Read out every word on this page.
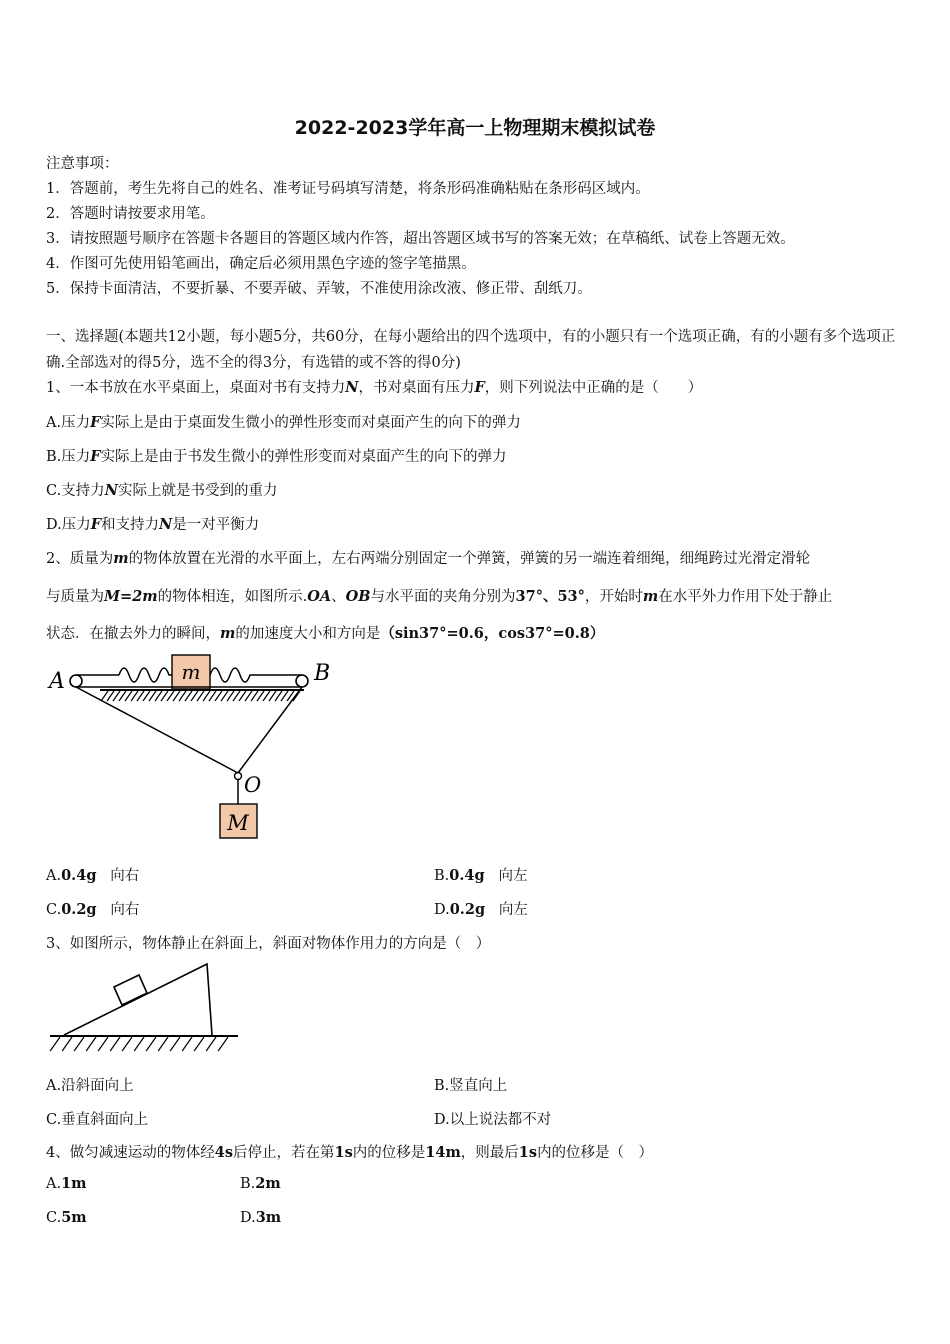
2022-2023学年高一上物理期末模拟试卷
注意事项：
1．答题前，考生先将自己的姓名、准考证号码填写清楚，将条形码准确粘贴在条形码区域内。
2．答题时请按要求用笔。
3．请按照题号顺序在答题卡各题目的答题区域内作答，超出答题区域书写的答案无效；在草稿纸、试卷上答题无效。
4．作图可先使用铅笔画出，确定后必须用黑色字迹的签字笔描黑。
5．保持卡面清洁，不要折暴、不要弄破、弄皱，不准使用涂改液、修正带、刮纸刀。
一、选择题(本题共12小题，每小题5分，共60分，在每小题给出的四个选项中，有的小题只有一个选项正确，有的小题有多个选项正确.全部选对的得5分，选不全的得3分，有选错的或不答的得0分)
1、一本书放在水平桌面上，桌面对书有支持力N，书对桌面有压力F，则下列说法中正确的是（　　）
A.压力F实际上是由于桌面发生微小的弹性形变而对桌面产生的向下的弹力
B.压力F实际上是由于书发生微小的弹性形变而对桌面产生的向下的弹力
C.支持力N实际上就是书受到的重力
D.压力F和支持力N是一对平衡力
2、质量为m的物体放置在光滑的水平面上，左右两端分别固定一个弹簧，弹簧的另一端连着细绳，细绳跨过光滑定滑轮
与质量为M=2m的物体相连，如图所示.OA、OB与水平面的夹角分别为37°、53°，开始时m在水平外力作用下处于静止
状态．在撤去外力的瞬间，m的加速度大小和方向是（sin37°=0.6，cos37°=0.8）
A	B
m
O
M
A.0.4g 向右	B.0.4g 向左
C.0.2g 向右	D.0.2g 向左
3、如图所示，物体静止在斜面上，斜面对物体作用力的方向是（　）
A.沿斜面向上	B.竖直向上
C.垂直斜面向上	D.以上说法都不对
4、做匀减速运动的物体经4s后停止，若在第1s内的位移是14m，则最后1s内的位移是（　）
A.1m	B.2m
C.5m	D.3m
